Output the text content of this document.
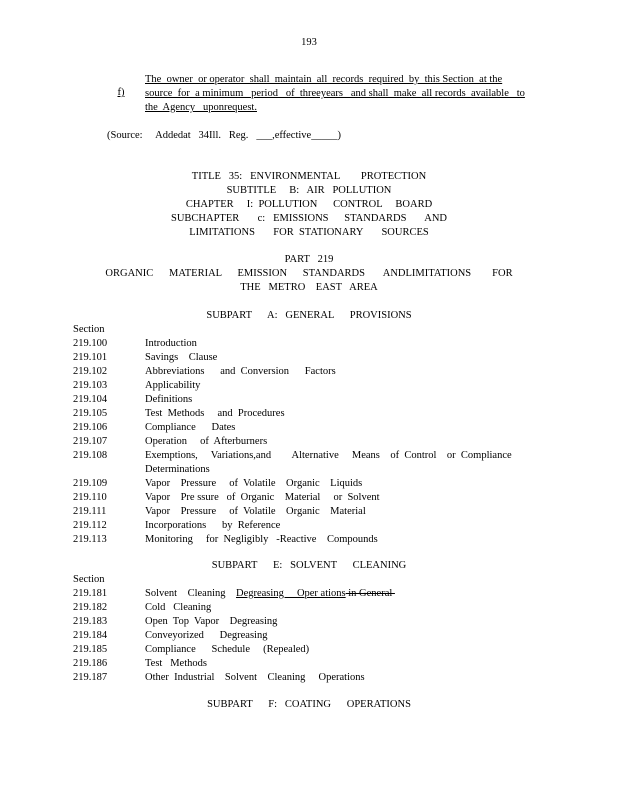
193

f)

The  owner  or operator  shall  maintain  all  records  required  by  this Section  at the
source  for  a minimum   period   of  threeyears   and shall  make  all records  available   to
the  Agency   uponrequest.
(Source:     Addedat   34Ill.   Reg.   ___,effective_____)
TITLE   35:   ENVIRONMENTAL        PROTECTION
SUBTITLE     B:   AIR   POLLUTION
CHAPTER     I:  POLLUTION      CONTROL     BOARD
SUBCHAPTER       c:   EMISSIONS      STANDARDS       AND
LIMITATIONS       FOR  STATIONARY       SOURCES
PART   219
ORGANIC      MATERIAL      EMISSION      STANDARDS       ANDLIMITATIONS        FOR
THE   METRO    EAST   AREA
SUBPART      A:   GENERAL      PROVISIONS
Section
219.100	Introduction
219.101	Savings    Clause
219.102	Abbreviations      and  Conversion      Factors
219.103	Applicability
219.104	Definitions
219.105	Test  Methods     and  Procedures
219.106	Compliance      Dates
219.107	Operation     of  Afterburners
219.108	Exemptions,     Variations,and        Alternative     Means    of  Control    or  Compliance
Determinations
219.109	Vapor    Pressure     of  Volatile    Organic    Liquids
219.110	Vapor    Pre ssure   of  Organic    Material     or  Solvent
219.111	Vapor    Pressure     of  Volatile    Organic    Material
219.112	Incorporations      by  Reference
219.113	Monitoring     for  Negligibly   -Reactive    Compounds
SUBPART      E:   SOLVENT      CLEANING
Section
219.181	Solvent    Cleaning    Degreasing     Oper ations in General
219.182	Cold   Cleaning
219.183	Open  Top  Vapor    Degreasing
219.184	Conveyorized      Degreasing
219.185	Compliance      Schedule     (Repealed)
219.186	Test   Methods
219.187	Other  Industrial    Solvent    Cleaning     Operations
SUBPART      F:   COATING      OPERATIONS
